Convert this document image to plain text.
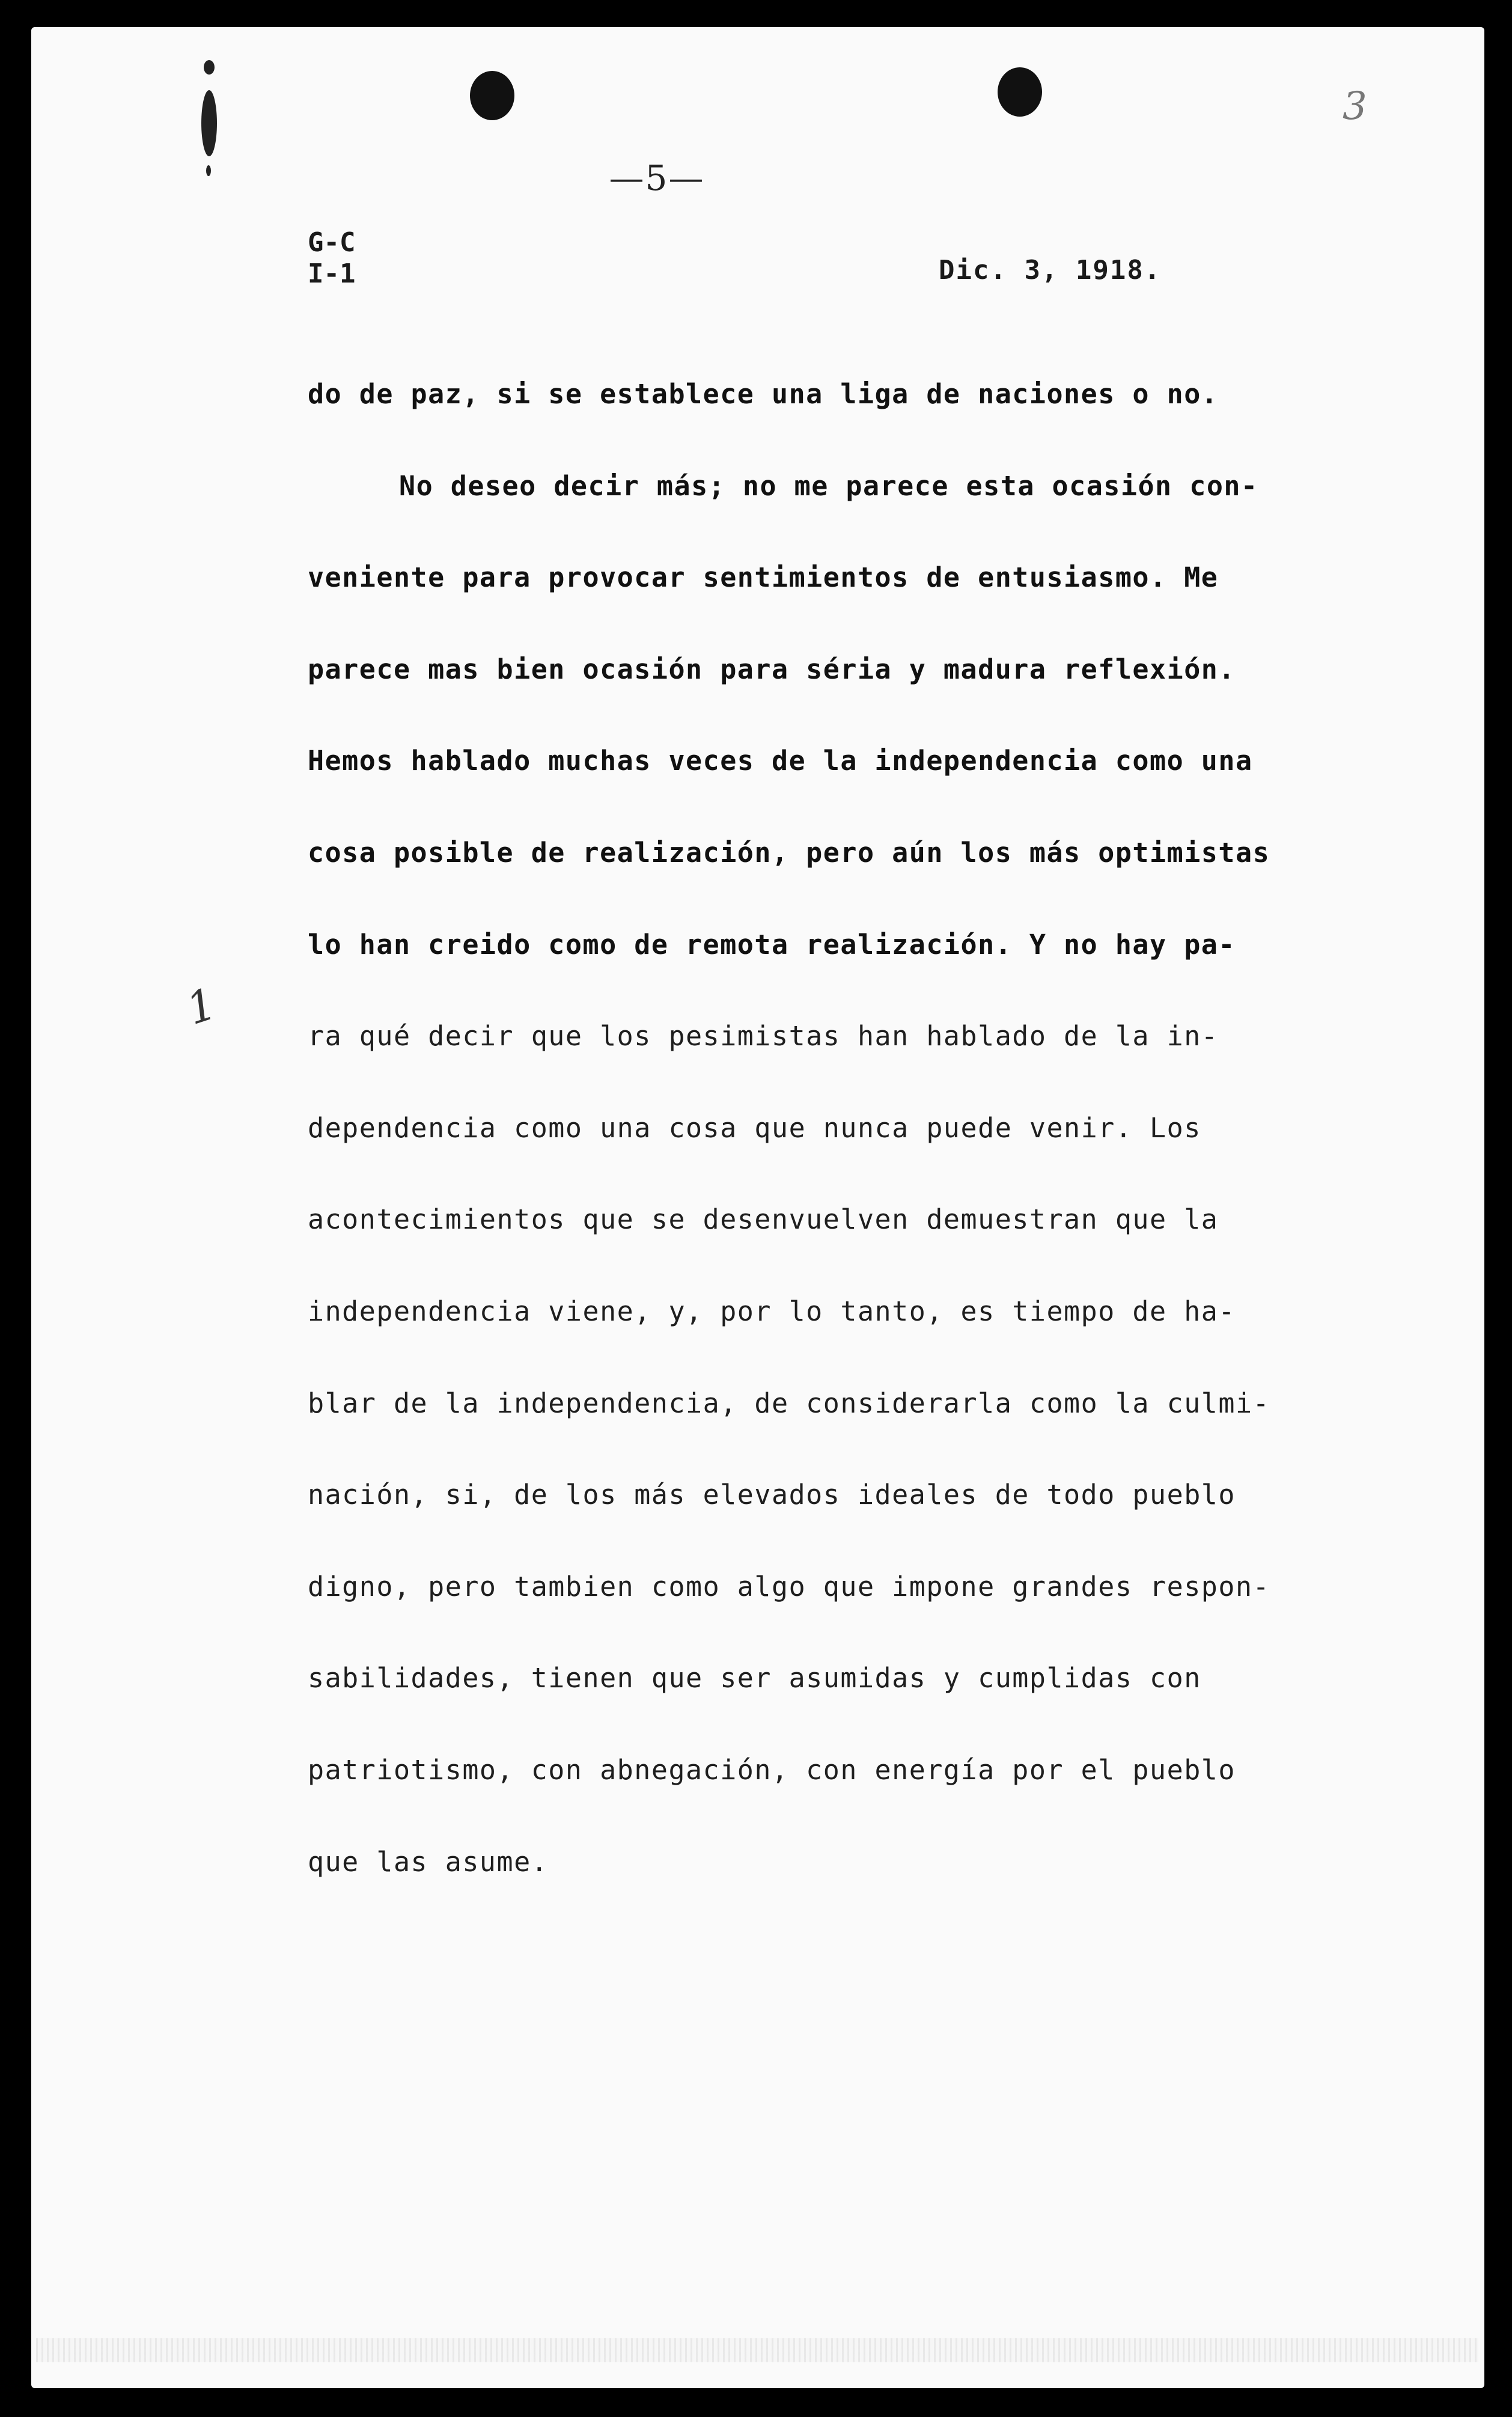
—5—
3
G-C
I-1	Dic. 3, 1918.
1
do de paz, si se establece una liga de naciones o no.
No deseo decir más; no me parece esta ocasión con-
veniente para provocar sentimientos de entusiasmo. Me
parece mas bien ocasión para séria y madura reflexión.
Hemos hablado muchas veces de la independencia como una
cosa posible de realización, pero aún los más optimistas
lo han creido como de remota realización. Y no hay pa-
ra qué decir que los pesimistas han hablado de la in-
dependencia como una cosa que nunca puede venir. Los
acontecimientos que se desenvuelven demuestran que la
independencia viene, y, por lo tanto, es tiempo de ha-
blar de la independencia, de considerarla como la culmi-
nación, si, de los más elevados ideales de todo pueblo
digno, pero tambien como algo que impone grandes respon-
sabilidades, tienen que ser asumidas y cumplidas con
patriotismo, con abnegación, con energía por el pueblo
que las asume.
